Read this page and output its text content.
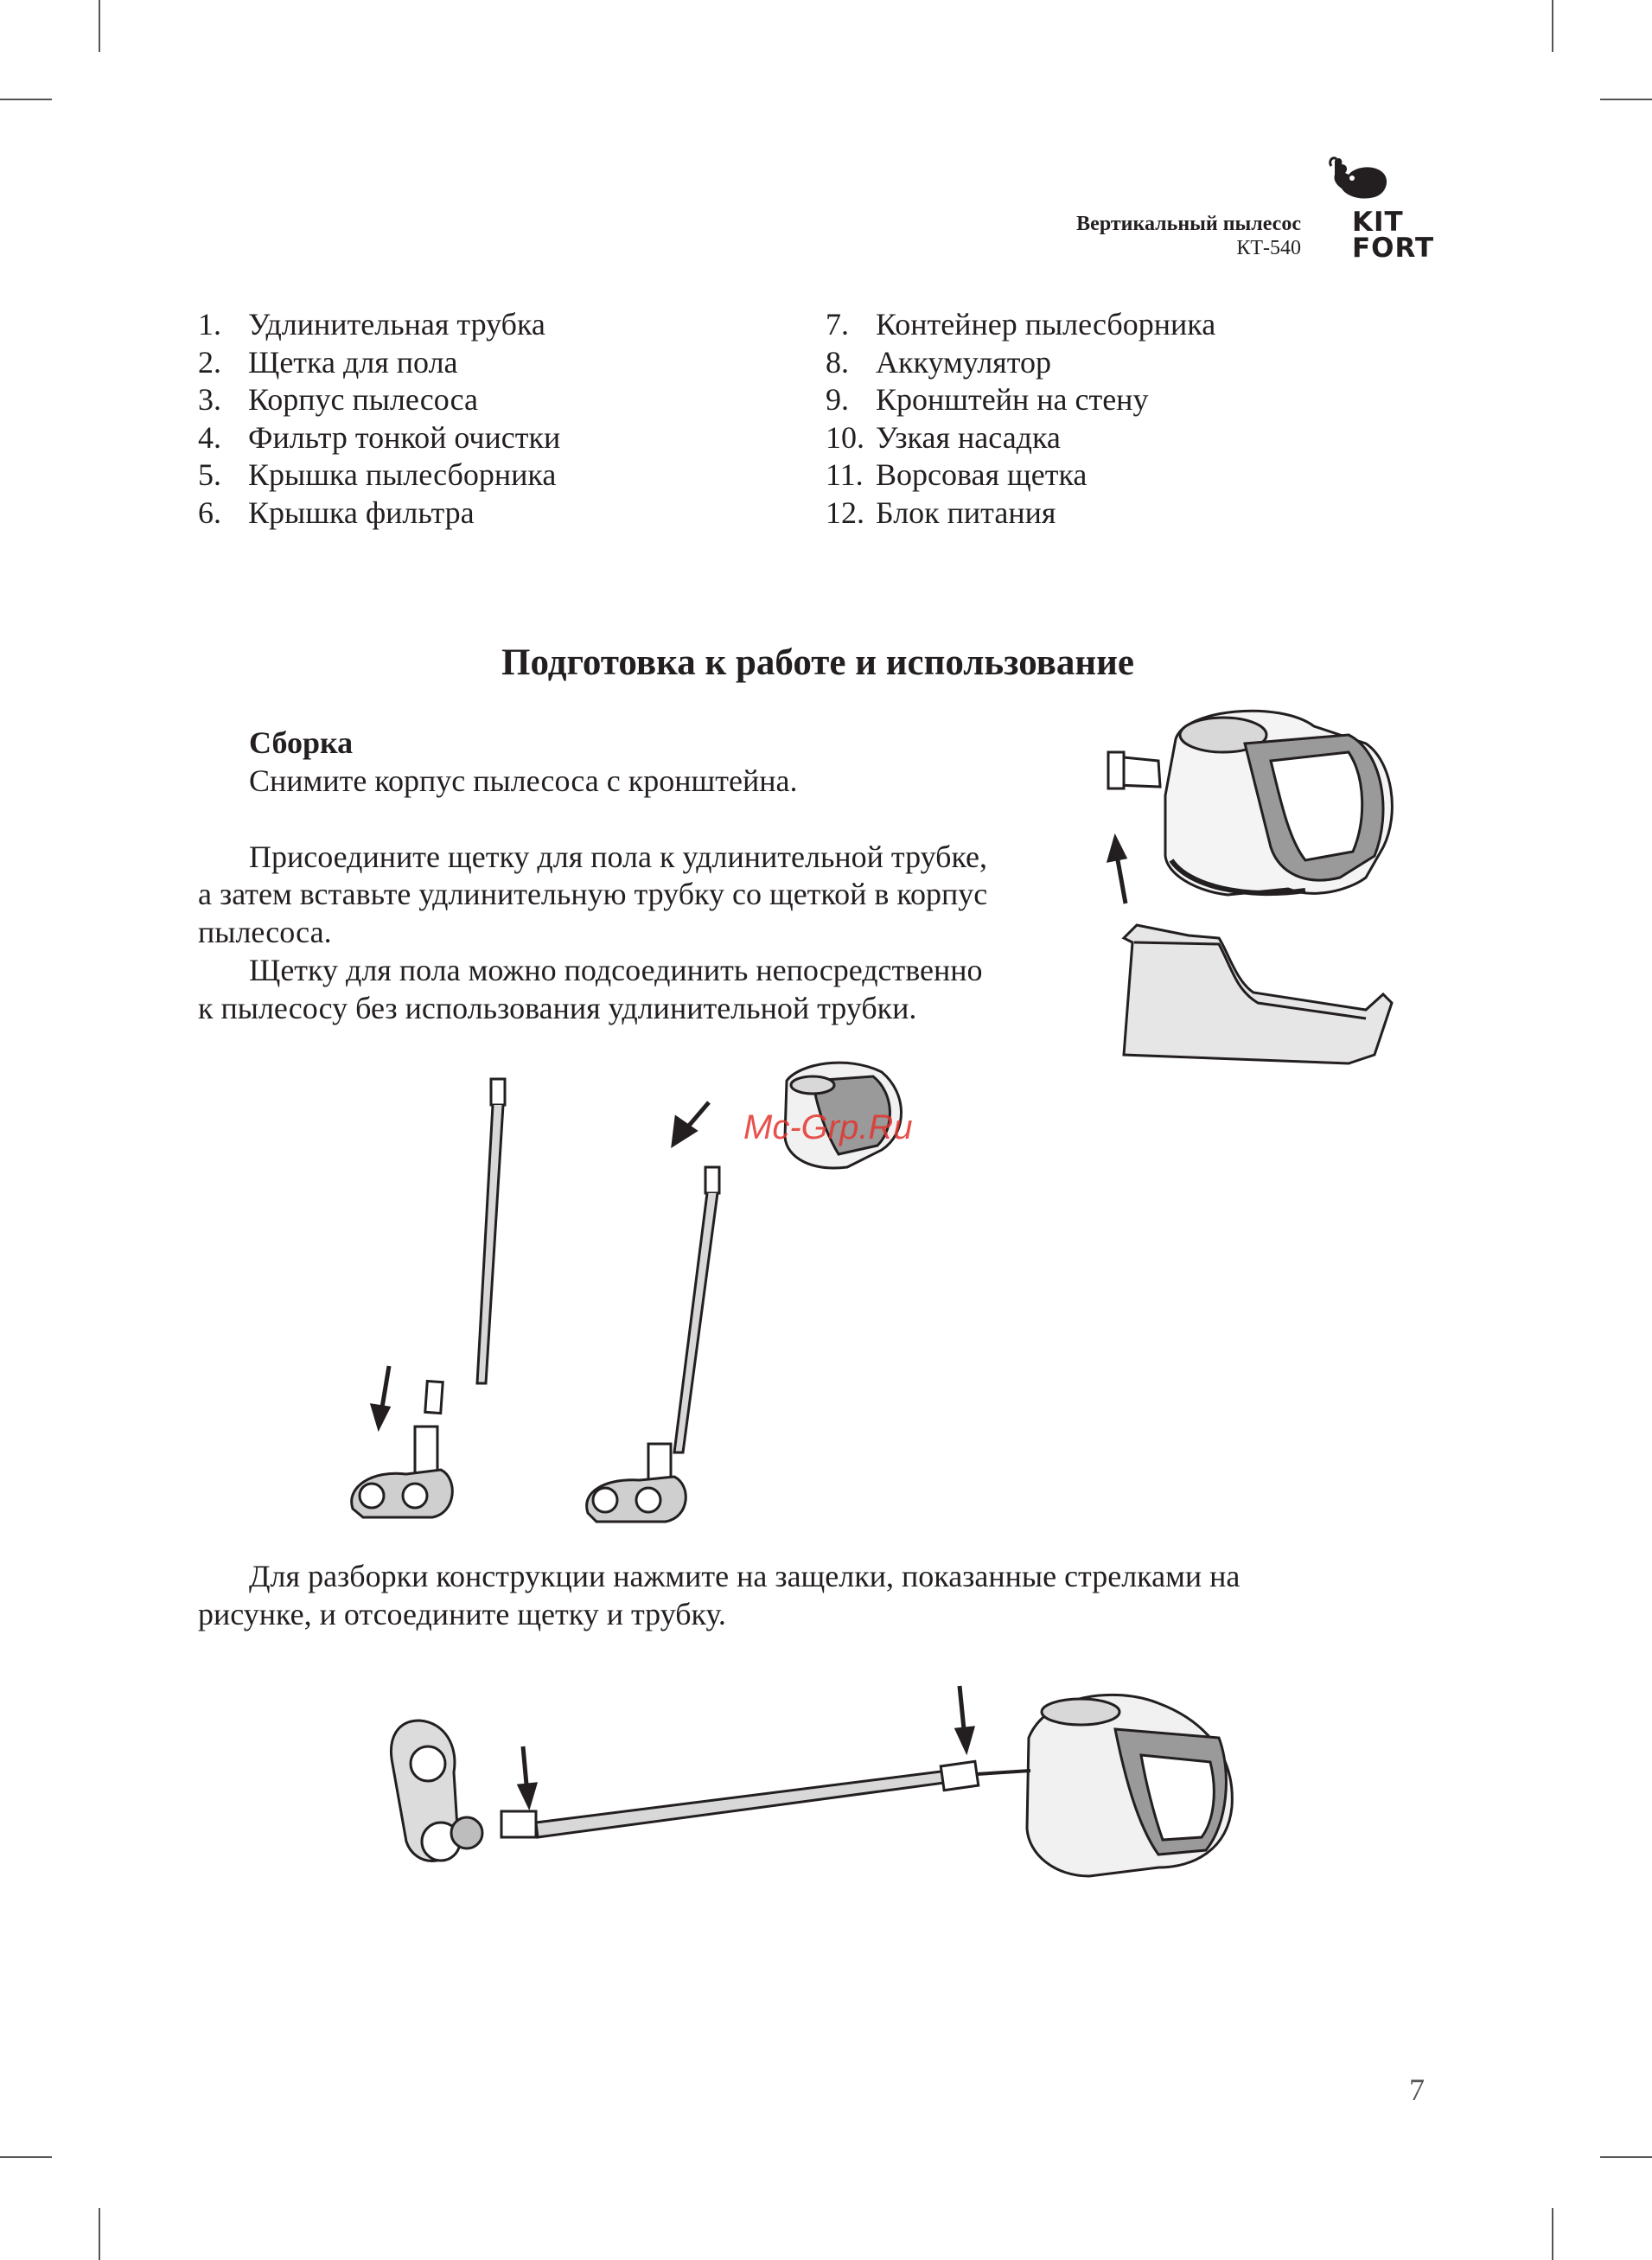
Вертикальный пылесос
КТ-540
KIT
FORT
1. Удлинительная трубка
2. Щетка для пола
3. Корпус пылесоса
4. Фильтр тонкой очистки
5. Крышка пылесборника
6. Крышка фильтра
7. Контейнер пылесборника
8. Аккумулятор
9. Кронштейн на стену
10. Узкая насадка
11. Ворсовая щетка
12. Блок питания
Подготовка к работе и использование
Сборка
Снимите корпус пылесоса с кронштейна.
Присоедините щетку для пола к удлинительной трубке,
а затем вставьте удлинительную трубку со щеткой в корпус
пылесоса.
Щетку для пола можно подсоединить непосредственно
к пылесосу без использования удлинительной трубки.
Mc-Grp.Ru
Для разборки конструкции нажмите на защелки, показанные стрелками на
рисунке, и отсоедините щетку и трубку.
7
